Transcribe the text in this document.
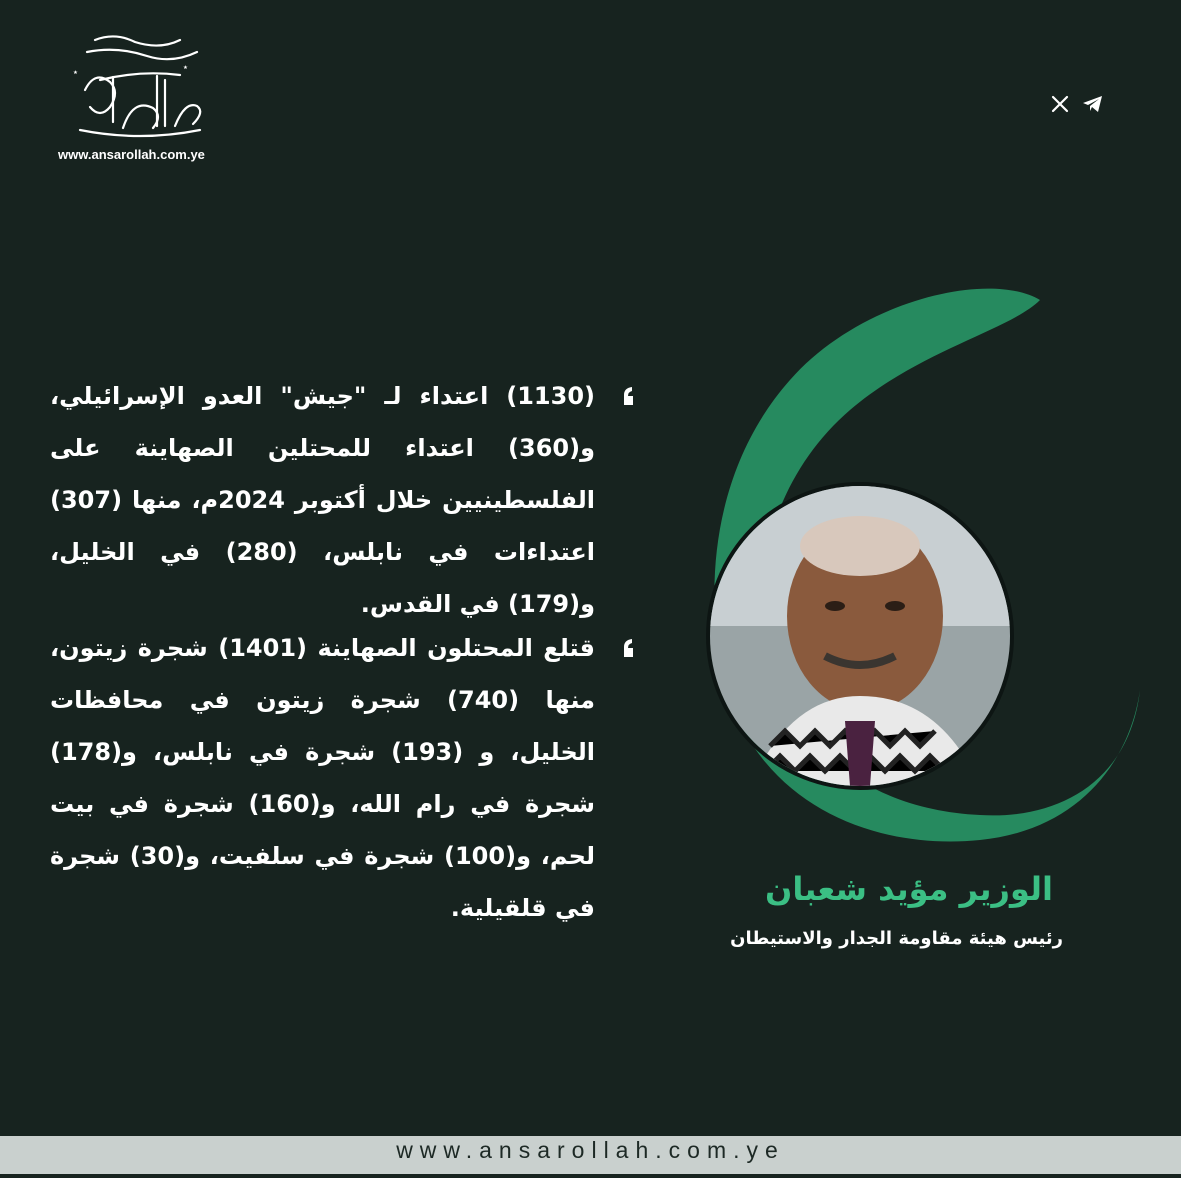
٭
٭
www.ansarollah.com.ye
(1130) اعتداء لـ "جيش" العدو الإسرائيلي، و(360) اعتداء للمحتلين الصهاينة على الفلسطينيين خلال أكتوبر 2024م، منها (307) اعتداءات في نابلس، (280) في الخليل، و(179) في القدس.
قتلع المحتلون الصهاينة (1401) شجرة زيتون، منها (740) شجرة زيتون في محافظات الخليل، و (193) شجرة في نابلس، و(178) شجرة في رام الله، و(160) شجرة في بيت لحم، و(100) شجرة في سلفيت، و(30) شجرة في قلقيلية.	الوزير مؤيد شعبان
رئيس هيئة مقاومة الجدار والاستيطان
www.ansarollah.com.ye
